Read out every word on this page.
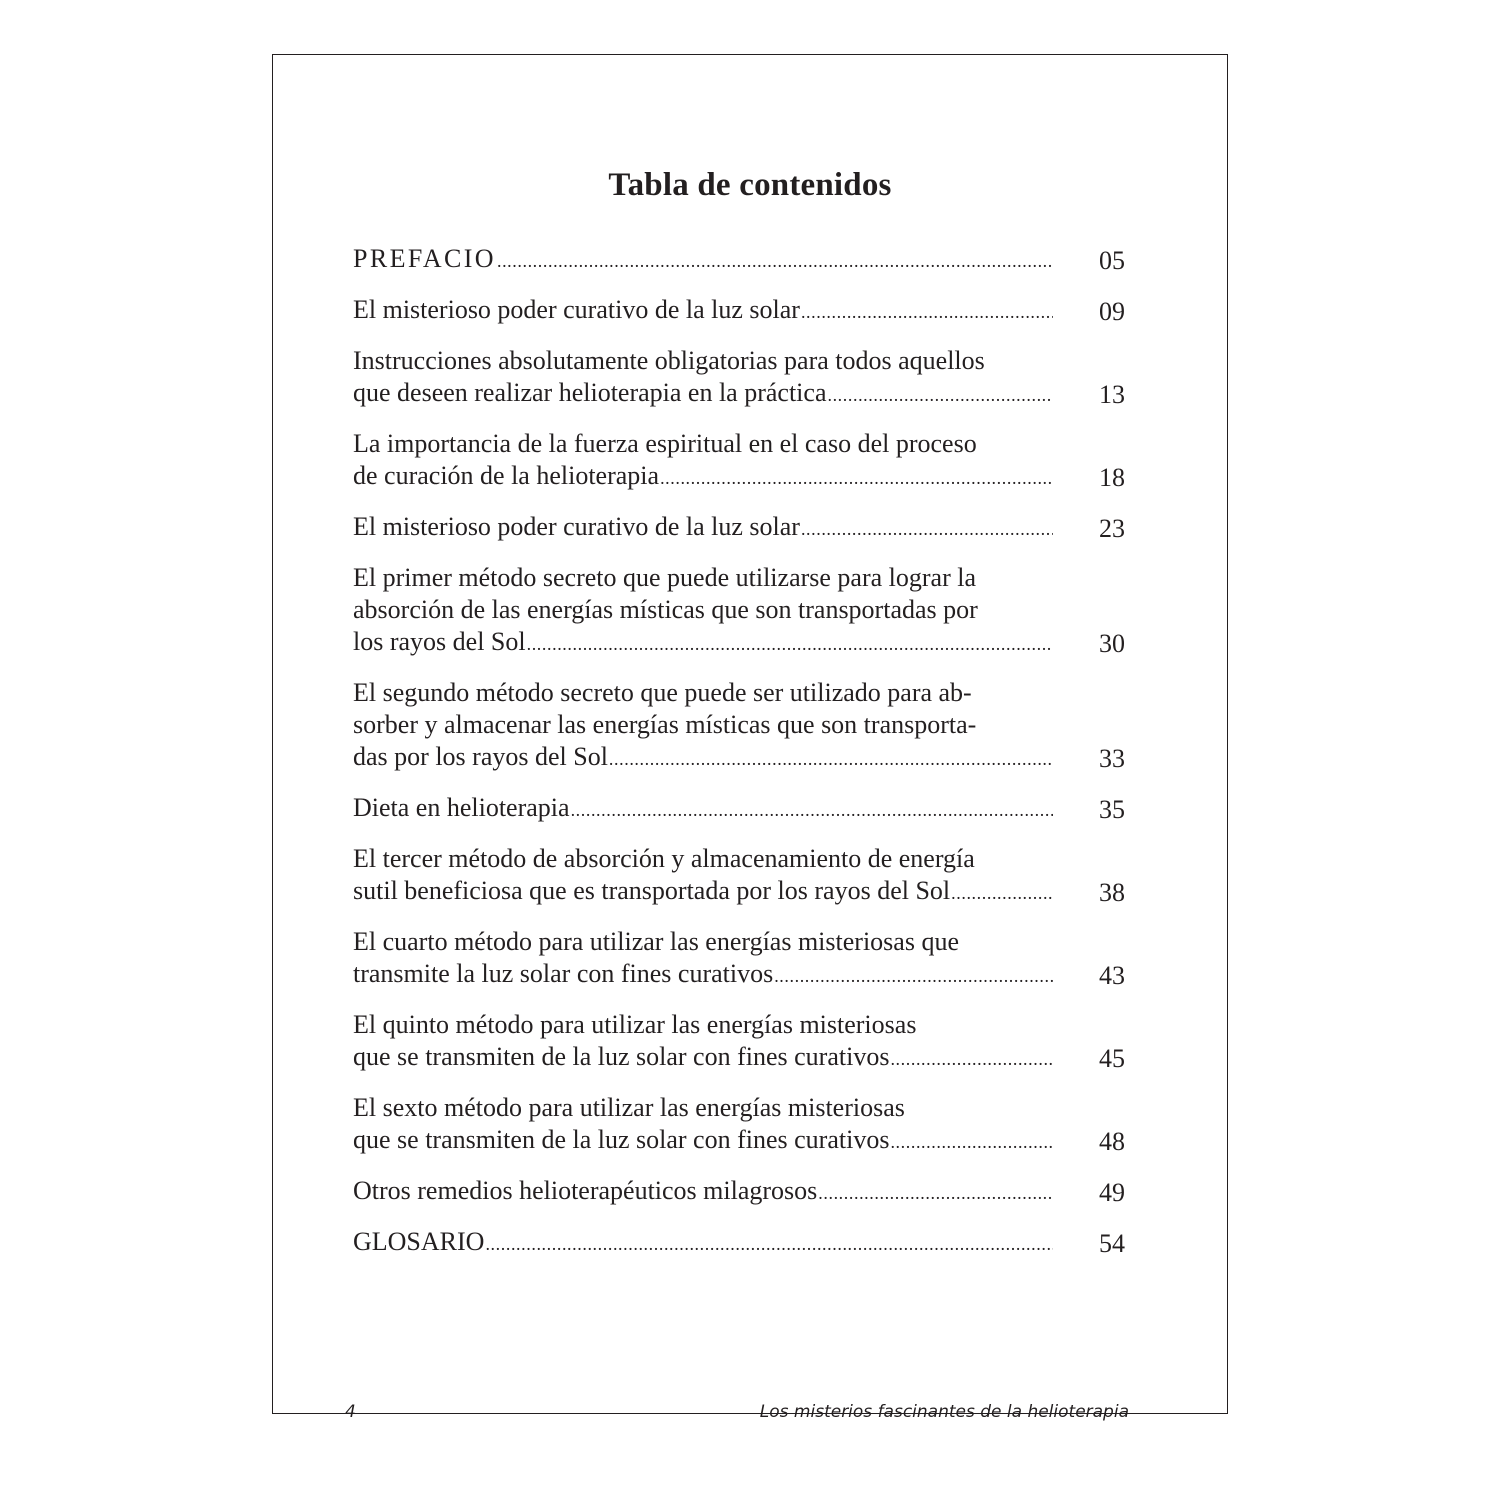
Tabla de contenidos
PREFACIO .....	05
El misterioso poder curativo de la luz solar .....	09
Instrucciones absolutamente obligatorias para todos aquellos
que deseen realizar helioterapia en la práctica .....	13
La importancia de la fuerza espiritual en el caso del proceso
de curación de la helioterapia .....	18
El misterioso poder curativo de la luz solar .....	23
El primer método secreto que puede utilizarse para lograr la
absorción de las energías místicas que son transportadas por
los rayos del Sol .....	30
El segundo método secreto que puede ser utilizado para ab-
sorber y almacenar las energías místicas que son transporta-
das por los rayos del Sol .....	33
Dieta en helioterapia .....	35
El tercer método de absorción y almacenamiento de energía
sutil beneficiosa que es transportada por los rayos del Sol .....	38
El cuarto método para utilizar las energías misteriosas que
transmite la luz solar con fines curativos .....	43
El quinto método para utilizar las energías misteriosas
que se transmiten de la luz solar con fines curativos .....	45
El sexto método para utilizar las energías misteriosas
que se transmiten de la luz solar con fines curativos .....	48
Otros remedios helioterapéuticos milagrosos .....	49
GLOSARIO .....	54
4	Los misterios fascinantes de la helioterapia
